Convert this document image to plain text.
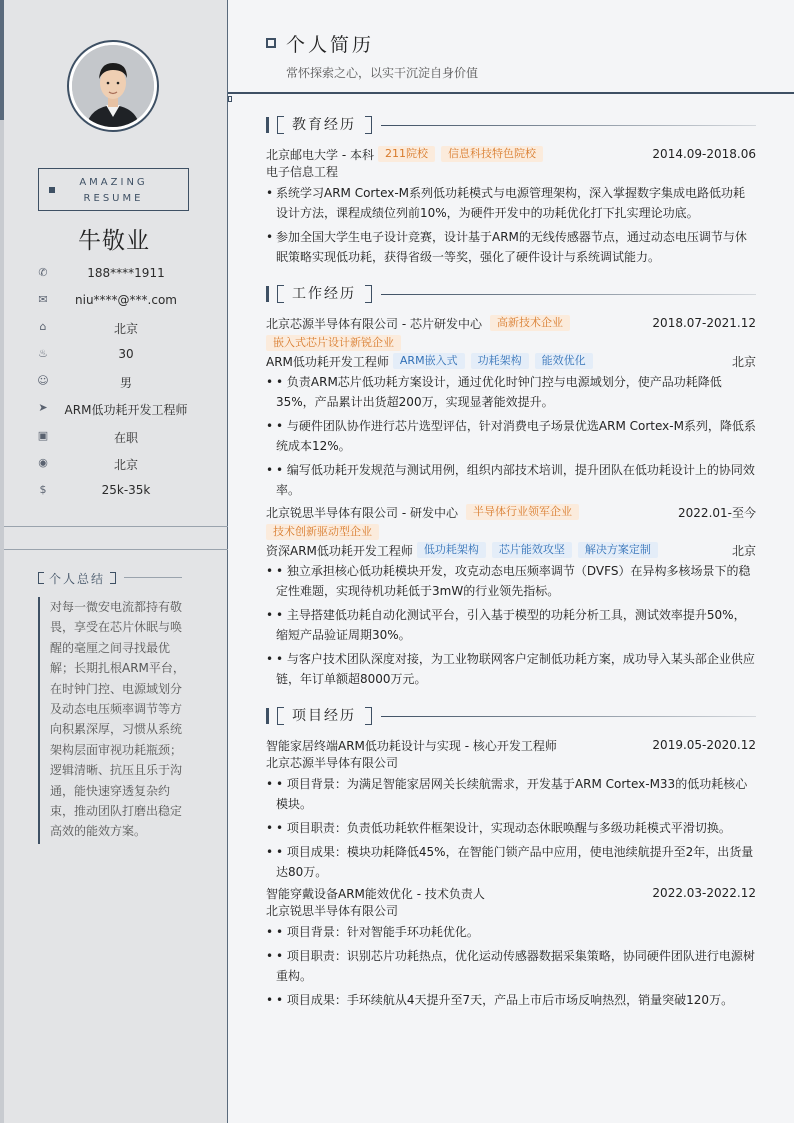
AMAZING
RESUME
牛敬业
✆	188****1911
✉	niu****@***.com
⌂	北京
♨	30
☺	男
➤	ARM低功耗开发工程师
▣	在职
◉	北京
$	25k-35k
个人总结
对每一微安电流都持有敬畏，享受在芯片休眠与唤醒的毫厘之间寻找最优解；长期扎根ARM平台，在时钟门控、电源域划分及动态电压频率调节等方向积累深厚，习惯从系统架构层面审视功耗瓶颈；逻辑清晰、抗压且乐于沟通，能快速穿透复杂约束，推动团队打磨出稳定高效的能效方案。
个人简历
常怀探索之心，以实干沉淀自身价值
教育经历
北京邮电大学 - 本科	211院校	信息科技特色院校	2014.09-2018.06
电子信息工程
• 系统学习ARM Cortex-M系列低功耗模式与电源管理架构，深入掌握数字集成电路低功耗设计方法，课程成绩位列前10%，为硬件开发中的功耗优化打下扎实理论功底。
• 参加全国大学生电子设计竞赛，设计基于ARM的无线传感器节点，通过动态电压调节与休眠策略实现低功耗，获得省级一等奖，强化了硬件设计与系统调试能力。
工作经历
北京芯源半导体有限公司 - 芯片研发中心	高新技术企业	2018.07-2021.12
嵌入式芯片设计新锐企业
ARM低功耗开发工程师	ARM嵌入式	功耗架构	能效优化	北京
• • 负责ARM芯片低功耗方案设计，通过优化时钟门控与电源域划分，使产品功耗降低35%，产品累计出货超200万，实现显著能效提升。
• • 与硬件团队协作进行芯片选型评估，针对消费电子场景优选ARM Cortex-M系列，降低系统成本12%。
• • 编写低功耗开发规范与测试用例，组织内部技术培训，提升团队在低功耗设计上的协同效率。
北京锐思半导体有限公司 - 研发中心	半导体行业领军企业	2022.01-至今
技术创新驱动型企业
资深ARM低功耗开发工程师	低功耗架构	芯片能效攻坚	解决方案定制	北京
• • 独立承担核心低功耗模块开发，攻克动态电压频率调节（DVFS）在异构多核场景下的稳定性难题，实现待机功耗低于3mW的行业领先指标。
• • 主导搭建低功耗自动化测试平台，引入基于模型的功耗分析工具，测试效率提升50%，缩短产品验证周期30%。
• • 与客户技术团队深度对接，为工业物联网客户定制低功耗方案，成功导入某头部企业供应链，年订单额超8000万元。
项目经历
智能家居终端ARM低功耗设计与实现 - 核心开发工程师	2019.05-2020.12
北京芯源半导体有限公司
• • 项目背景：为满足智能家居网关长续航需求，开发基于ARM Cortex-M33的低功耗核心模块。
• • 项目职责：负责低功耗软件框架设计，实现动态休眠唤醒与多级功耗模式平滑切换。
• • 项目成果：模块功耗降低45%，在智能门锁产品中应用，使电池续航提升至2年，出货量达80万。
智能穿戴设备ARM能效优化 - 技术负责人	2022.03-2022.12
北京锐思半导体有限公司
• • 项目背景：针对智能手环功耗优化。
• • 项目职责：识别芯片功耗热点，优化运动传感器数据采集策略，协同硬件团队进行电源树重构。
• • 项目成果：手环续航从4天提升至7天，产品上市后市场反响热烈，销量突破120万。
